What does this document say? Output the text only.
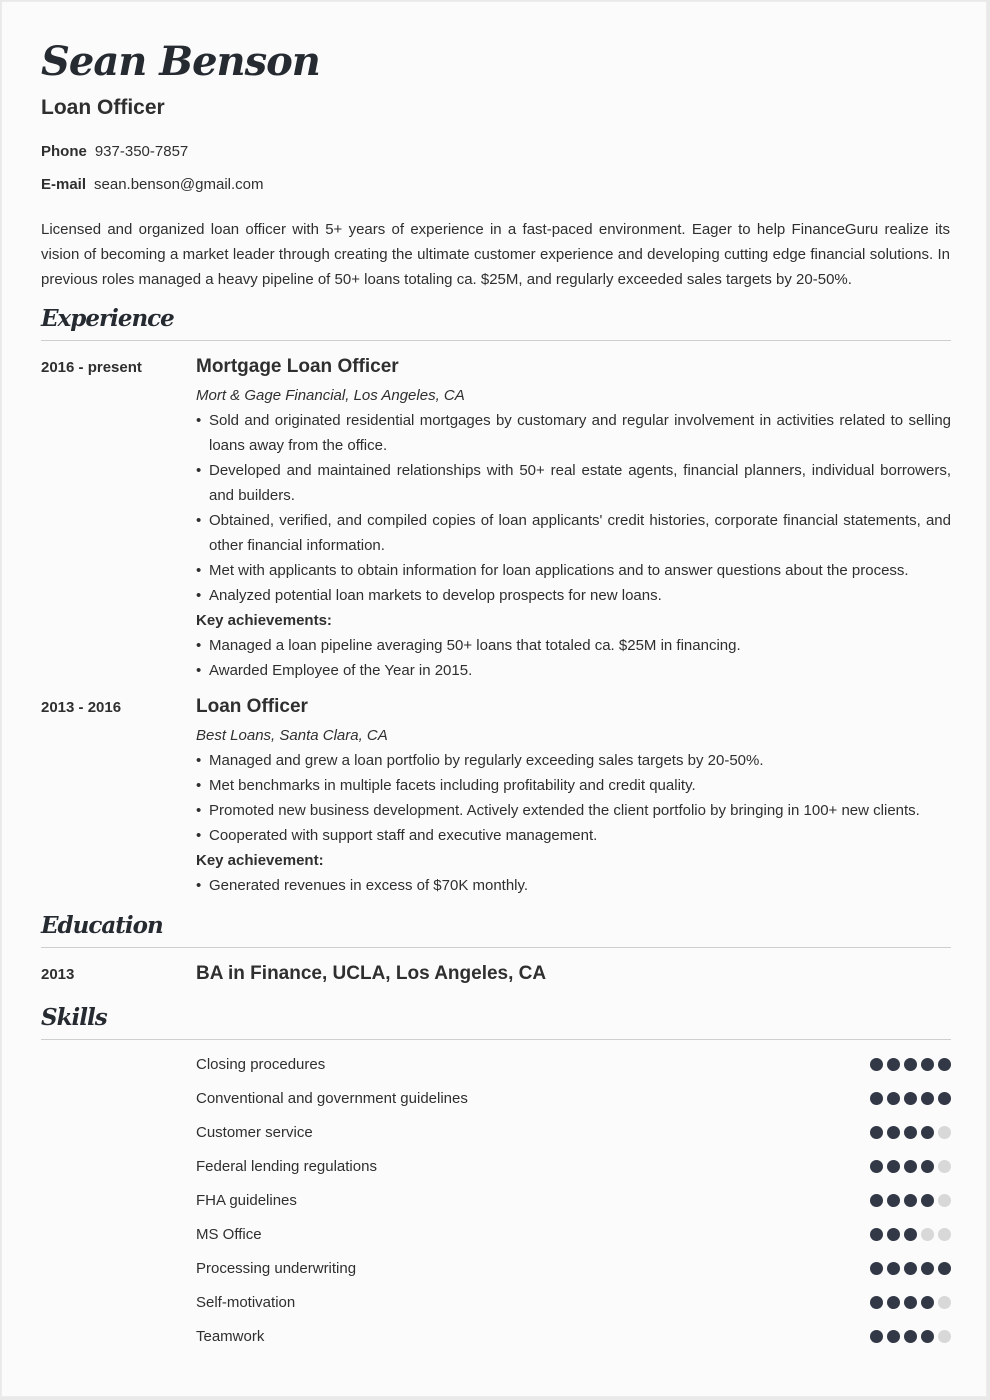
Sean Benson
Loan Officer
Phone 937-350-7857
E-mail sean.benson@gmail.com

Licensed and organized loan officer with 5+ years of experience in a fast-paced environment. Eager to help FinanceGuru realize its vision of becoming a market leader through creating the ultimate customer experience and developing cutting edge financial solutions. In previous roles managed a heavy pipeline of 50+ loans totaling ca. $25M, and regularly exceeded sales targets by 20-50%.

Experience
2016 - present	Mortgage Loan Officer
Mort & Gage Financial, Los Angeles, CA
• Sold and originated residential mortgages by customary and regular involvement in activities related to selling loans away from the office.
• Developed and maintained relationships with 50+ real estate agents, financial planners, individual borrowers, and builders.
• Obtained, verified, and compiled copies of loan applicants' credit histories, corporate financial statements, and other financial information.
• Met with applicants to obtain information for loan applications and to answer questions about the process.
• Analyzed potential loan markets to develop prospects for new loans.
Key achievements:
• Managed a loan pipeline averaging 50+ loans that totaled ca. $25M in financing.
• Awarded Employee of the Year in 2015.
2013 - 2016	Loan Officer
Best Loans, Santa Clara, CA
• Managed and grew a loan portfolio by regularly exceeding sales targets by 20-50%.
• Met benchmarks in multiple facets including profitability and credit quality.
• Promoted new business development. Actively extended the client portfolio by bringing in 100+ new clients.
• Cooperated with support staff and executive management.
Key achievement:
• Generated revenues in excess of $70K monthly.
Education
2013	BA in Finance, UCLA, Los Angeles, CA
Skills
Closing procedures
Conventional and government guidelines
Customer service
Federal lending regulations
FHA guidelines
MS Office
Processing underwriting
Self-motivation
Teamwork
